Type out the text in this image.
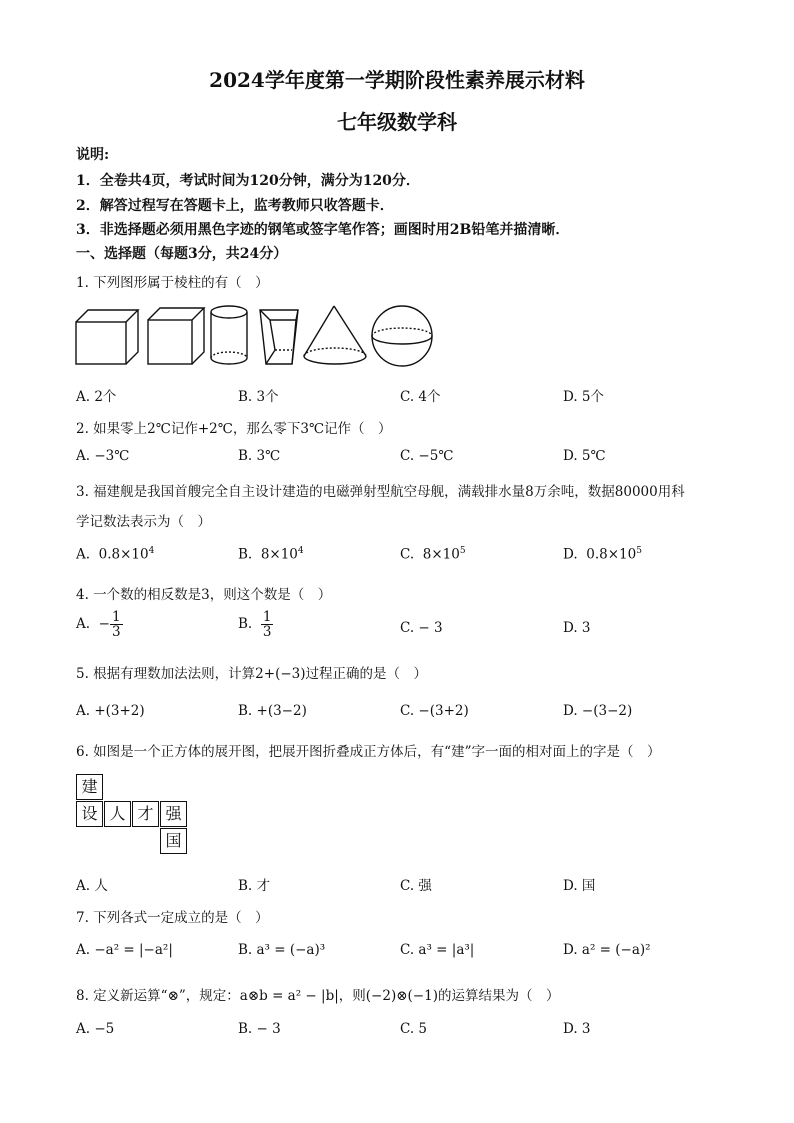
2024学年度第一学期阶段性素养展示材料
七年级数学科
说明:
1．全卷共4页，考试时间为120分钟，满分为120分．
2．解答过程写在答题卡上，监考教师只收答题卡．
3．非选择题必须用黑色字迹的钢笔或签字笔作答；画图时用2B铅笔并描清晰．
一、选择题（每题3分，共24分）
1. 下列图形属于棱柱的有（　）
A. 2个	B. 3个	C. 4个	D. 5个
2. 如果零上2℃记作+2℃，那么零下3℃记作（　）
A. −3℃	B. 3℃	C. −5℃	D. 5℃
3. 福建舰是我国首艘完全自主设计建造的电磁弹射型航空母舰，满载排水量8万余吨，数据80000用科
学记数法表示为（　）
A. $0.8\times 10^4$	B. $8\times 10^4$	C. $8\times 10^5$	D. $0.8\times 10^5$
4. 一个数的相反数是3，则这个数是（　）
A. − $\frac{1}{3}$	B. $\frac{1}{3}$	C. − 3	D. 3
5. 根据有理数加法法则，计算2+(−3)过程正确的是（　）
A. +(3+2)	B. +(3−2)	C. −(3+2)	D. −(3−2)
6. 如图是一个正方体的展开图，把展开图折叠成正方体后，有“建”字一面的相对面上的字是（　）
建
设 人 才 强
国
A. 人	B. 才	C. 强	D. 国
7. 下列各式一定成立的是（　）
A. −a² = |−a²|	B. a³ = (−a)³	C. a³ = |a³|	D. a² = (−a)²
8. 定义新运算“⊗”，规定：a⊗b = a² − |b|，则(−2)⊗(−1)的运算结果为（　）
A. −5	B. − 3	C. 5	D. 3
